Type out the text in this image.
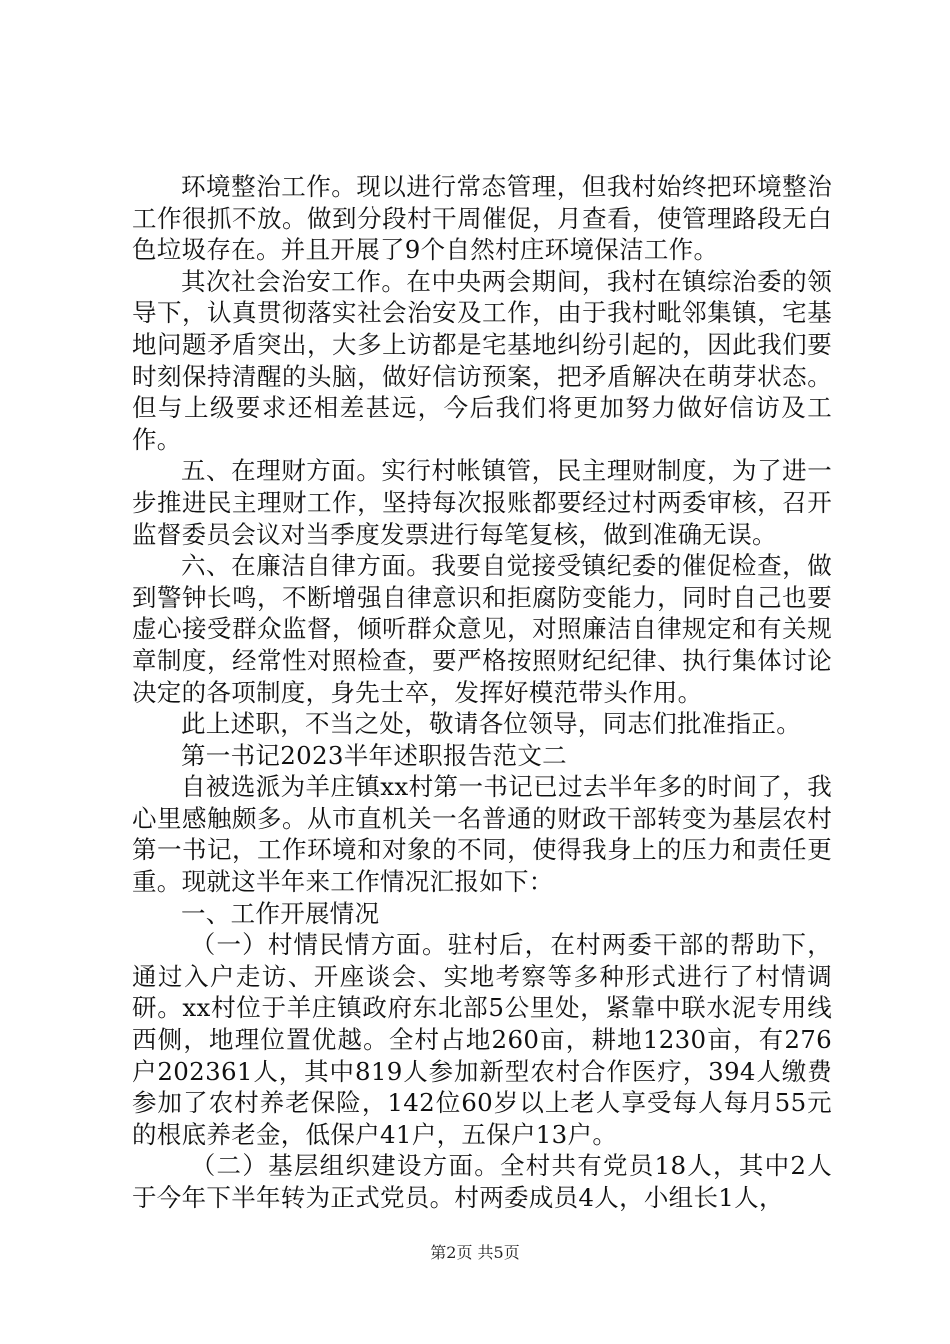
环境整治工作。现以进行常态管理，但我村始终把环境整治工作很抓不放。做到分段村干周催促，月查看，使管理路段无白色垃圾存在。并且开展了9个自然村庄环境保洁工作。

其次社会治安工作。在中央两会期间，我村在镇综治委的领导下，认真贯彻落实社会治安及工作，由于我村毗邻集镇，宅基地问题矛盾突出，大多上访都是宅基地纠纷引起的，因此我们要时刻保持清醒的头脑，做好信访预案，把矛盾解决在萌芽状态。但与上级要求还相差甚远，今后我们将更加努力做好信访及工作。

五、在理财方面。实行村帐镇管，民主理财制度，为了进一步推进民主理财工作，坚持每次报账都要经过村两委审核，召开监督委员会议对当季度发票进行每笔复核，做到准确无误。

六、在廉洁自律方面。我要自觉接受镇纪委的催促检查，做到警钟长鸣，不断增强自律意识和拒腐防变能力，同时自己也要虚心接受群众监督，倾听群众意见，对照廉洁自律规定和有关规章制度，经常性对照检查，要严格按照财纪纪律、执行集体讨论决定的各项制度，身先士卒，发挥好模范带头作用。

此上述职，不当之处，敬请各位领导，同志们批准指正。

第一书记2023半年述职报告范文二

自被选派为羊庄镇xx村第一书记已过去半年多的时间了，我心里感触颇多。从市直机关一名普通的财政干部转变为基层农村第一书记，工作环境和对象的不同，使得我身上的压力和责任更重。现就这半年来工作情况汇报如下：

一、工作开展情况

（一）村情民情方面。驻村后，在村两委干部的帮助下，通过入户走访、开座谈会、实地考察等多种形式进行了村情调研。xx村位于羊庄镇政府东北部5公里处，紧靠中联水泥专用线西侧，地理位置优越。全村占地260亩，耕地1230亩，有276户202361人，其中819人参加新型农村合作医疗，394人缴费参加了农村养老保险，142位60岁以上老人享受每人每月55元的根底养老金，低保户41户，五保户13户。

（二）基层组织建设方面。全村共有党员18人，其中2人于今年下半年转为正式党员。村两委成员4人，小组长1人，

第2页 共5页
